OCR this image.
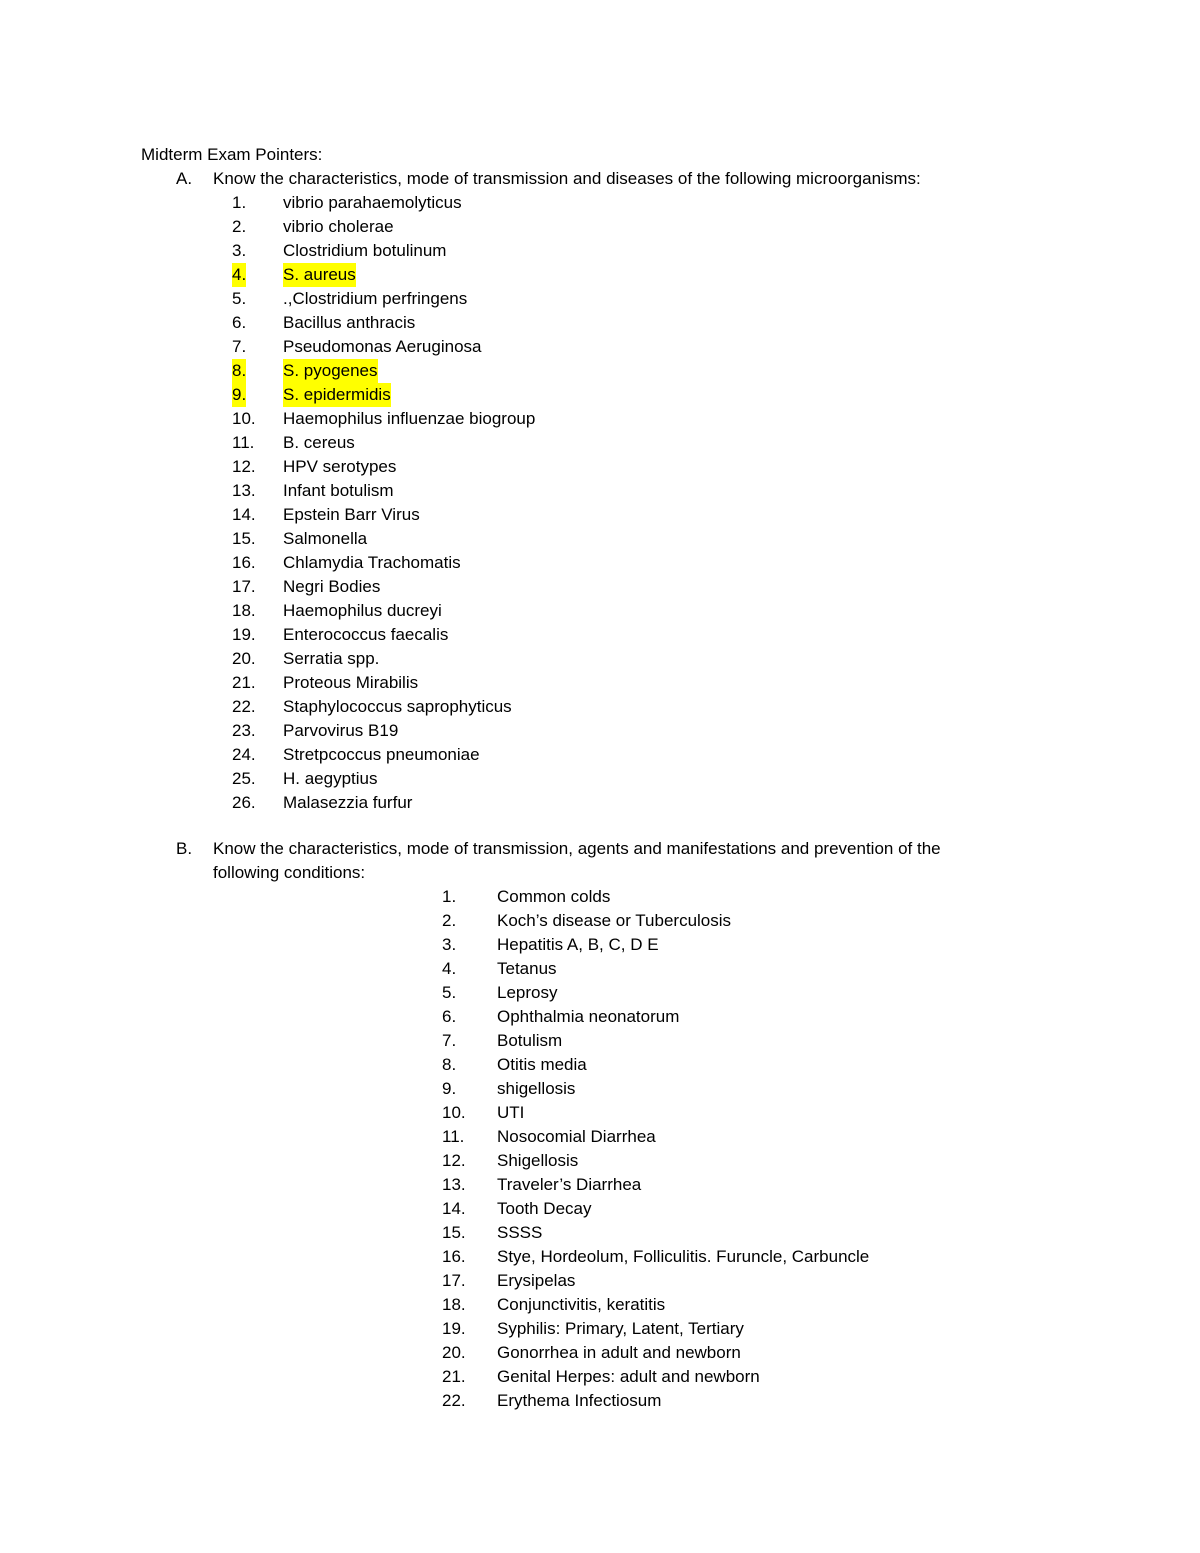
Midterm Exam Pointers:
A. Know the characteristics, mode of transmission and diseases of the following microorganisms:
1. vibrio parahaemolyticus
2. vibrio cholerae
3. Clostridium botulinum
4. S. aureus
5. .,Clostridium perfringens
6. Bacillus anthracis
7. Pseudomonas Aeruginosa
8. S. pyogenes
9. S. epidermidis
10. Haemophilus influenzae biogroup
11. B. cereus
12. HPV serotypes
13. Infant botulism
14. Epstein Barr Virus
15. Salmonella
16. Chlamydia Trachomatis
17. Negri Bodies
18. Haemophilus ducreyi
19. Enterococcus faecalis
20. Serratia spp.
21. Proteous Mirabilis
22. Staphylococcus saprophyticus
23. Parvovirus B19
24. Stretpcoccus pneumoniae
25. H. aegyptius
26. Malasezzia furfur
B. Know the characteristics, mode of transmission, agents and manifestations and prevention of the
following conditions:
1. Common colds
2. Koch’s disease or Tuberculosis
3. Hepatitis A, B, C, D E
4. Tetanus
5. Leprosy
6. Ophthalmia neonatorum
7. Botulism
8. Otitis media
9. shigellosis
10. UTI
11. Nosocomial Diarrhea
12. Shigellosis
13. Traveler’s Diarrhea
14. Tooth Decay
15. SSSS
16. Stye, Hordeolum, Folliculitis. Furuncle, Carbuncle
17. Erysipelas
18. Conjunctivitis, keratitis
19. Syphilis: Primary, Latent, Tertiary
20. Gonorrhea in adult and newborn
21. Genital Herpes: adult and newborn
22. Erythema Infectiosum
